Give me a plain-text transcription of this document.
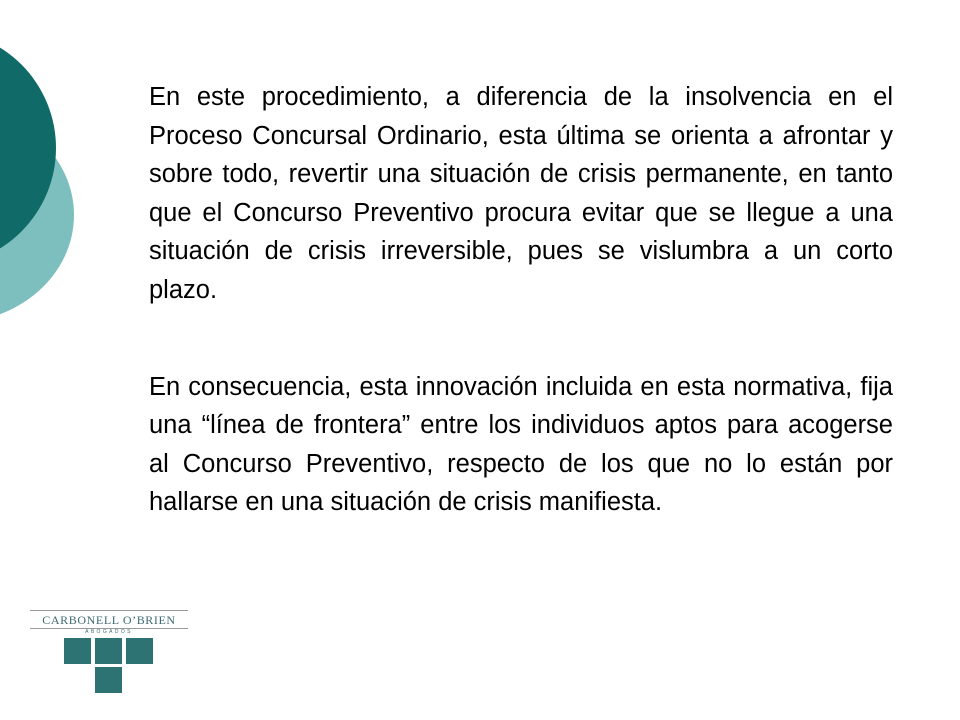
En este procedimiento, a diferencia de la insolvencia en el Proceso Concursal Ordinario, esta última se orienta a afrontar y sobre todo, revertir una situación de crisis permanente, en tanto que el Concurso Preventivo procura evitar que se llegue a una situación de crisis irreversible, pues se vislumbra a un corto plazo.

En consecuencia, esta innovación incluida en esta normativa, fija una “línea de frontera” entre los individuos aptos para acogerse al Concurso Preventivo, respecto de los que no lo están por hallarse en una situación de crisis manifiesta.

CARBONELL O’BRIEN
ABOGADOS
